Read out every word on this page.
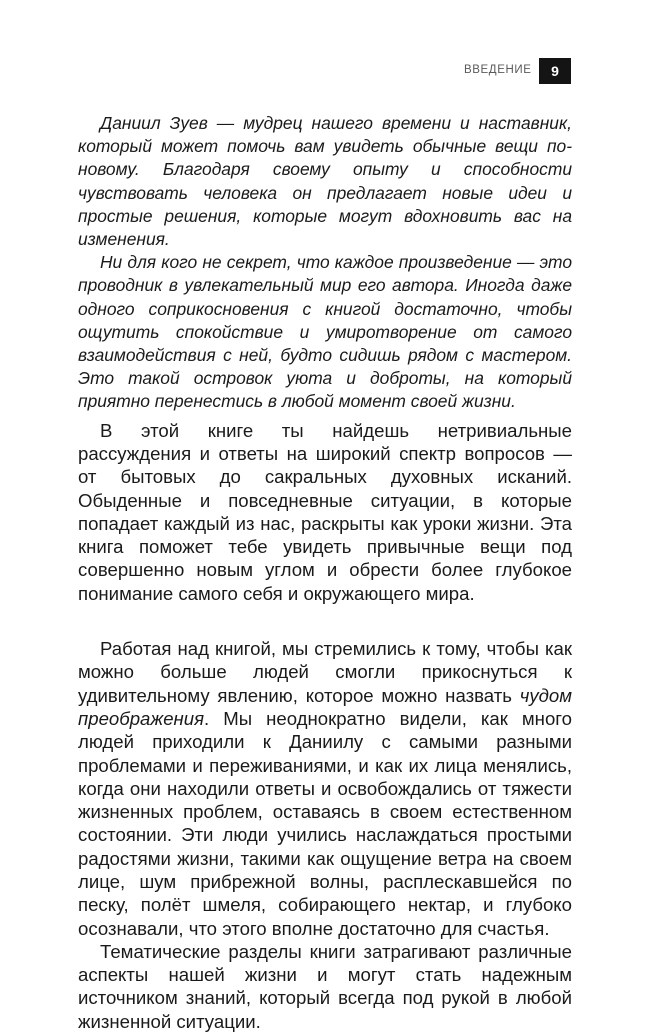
ВВЕДЕНИЕ 9

Даниил Зуев — мудрец нашего времени и наставник, который может помочь вам увидеть обычные вещи по-новому. Благодаря своему опыту и способности чувствовать человека он предлагает новые идеи и простые решения, которые могут вдохновить вас на изменения.

Ни для кого не секрет, что каждое произведение — это проводник в увлекательный мир его автора. Иногда даже одного соприкосновения с книгой достаточно, чтобы ощутить спокойствие и умиротворение от самого взаимодействия с ней, будто сидишь рядом с мастером. Это такой островок уюта и доброты, на который приятно перенестись в любой момент своей жизни.

В этой книге ты найдешь нетривиальные рассуждения и ответы на широкий спектр вопросов — от бытовых до сакральных духовных исканий. Обыденные и повседневные ситуации, в которые попадает каждый из нас, раскрыты как уроки жизни. Эта книга поможет тебе увидеть привычные вещи под совершенно новым углом и обрести более глубокое понимание самого себя и окружающего мира.

Работая над книгой, мы стремились к тому, чтобы как можно больше людей смогли прикоснуться к удивительному явлению, которое можно назвать чудом преображения. Мы неоднократно видели, как много людей приходили к Даниилу с самыми разными проблемами и переживаниями, и как их лица менялись, когда они находили ответы и освобождались от тяжести жизненных проблем, оставаясь в своем естественном состоянии. Эти люди учились наслаждаться простыми радостями жизни, такими как ощущение ветра на своем лице, шум прибрежной волны, расплескавшейся по песку, полёт шмеля, собирающего нектар, и глубоко осознавали, что этого вполне достаточно для счастья.

Тематические разделы книги затрагивают различные аспекты нашей жизни и могут стать надежным источником знаний, который всегда под рукой в любой жизненной ситуации.
